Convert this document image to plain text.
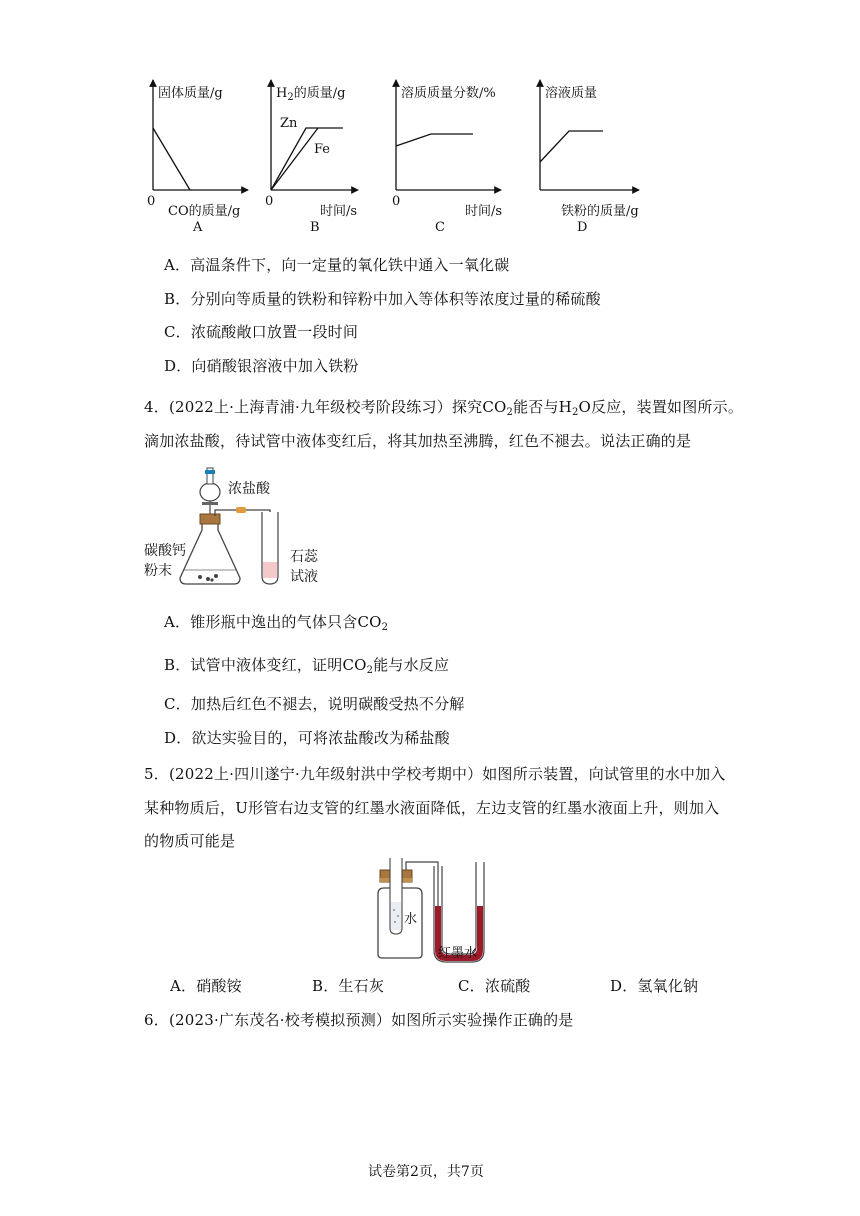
固体质量/g
0
CO的质量/g
A
$H_2$的质量/g
Zn
Fe
0
时间/s
B
溶质质量分数/%
0
时间/s
C
溶液质量
铁粉的质量/g
D
A．高温条件下，向一定量的氧化铁中通入一氧化碳
B．分别向等质量的铁粉和锌粉中加入等体积等浓度过量的稀硫酸
C．浓硫酸敞口放置一段时间
D．向硝酸银溶液中加入铁粉
4．(2022上·上海青浦·九年级校考阶段练习）探究$CO_2$能否与$H_2O$反应，装置如图所示。
滴加浓盐酸，待试管中液体变红后，将其加热至沸腾，红色不褪去。说法正确的是
浓盐酸
碳酸钙
粉末
石蕊
试液
A．锥形瓶中逸出的气体只含$CO_2$
B．试管中液体变红，证明$CO_2$能与水反应
C．加热后红色不褪去，说明碳酸受热不分解
D．欲达实验目的，可将浓盐酸改为稀盐酸
5．(2022上·四川遂宁·九年级射洪中学校考期中）如图所示装置，向试管里的水中加入
某种物质后，U形管右边支管的红墨水液面降低，左边支管的红墨水液面上升，则加入
的物质可能是
水
红墨水
A．硝酸铵	B．生石灰	C．浓硫酸	D．氢氧化钠
6．(2023·广东茂名·校考模拟预测）如图所示实验操作正确的是
试卷第2页，共7页
